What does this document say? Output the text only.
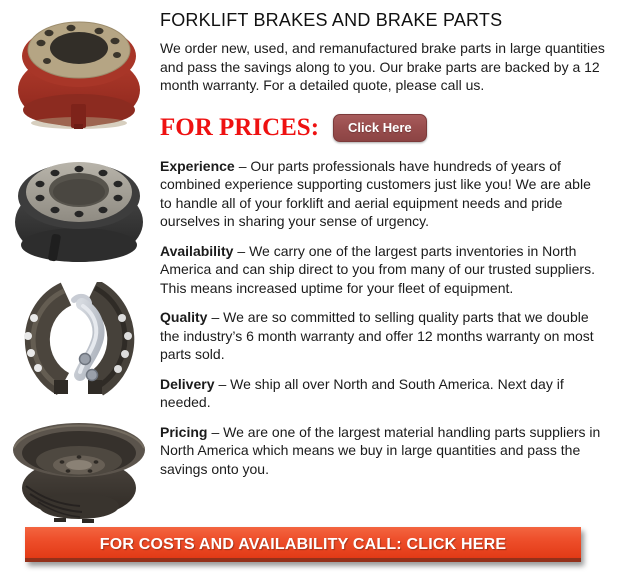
FORKLIFT BRAKES AND BRAKE PARTS

We order new, used, and remanufactured brake parts in large quantities and pass the savings along to you. Our brake parts are backed by a 12 month warranty. For a detailed quote, please call us.

FOR PRICES:	Click Here

Experience – Our parts professionals have hundreds of years of combined experience supporting customers just like you! We are able to handle all of your forklift and aerial equipment needs and pride ourselves in sharing your sense of urgency.

Availability – We carry one of the largest parts inventories in North America and can ship direct to you from many of our trusted suppliers. This means increased uptime for your fleet of equipment.

Quality – We are so committed to selling quality parts that we double the industry’s 6 month warranty and offer 12 months warranty on most parts sold.

Delivery – We ship all over North and South America. Next day if needed.

Pricing – We are one of the largest material handling parts suppliers in North America which means we buy in large quantities and pass the savings onto you.

FOR COSTS AND AVAILABILITY CALL: CLICK HERE
